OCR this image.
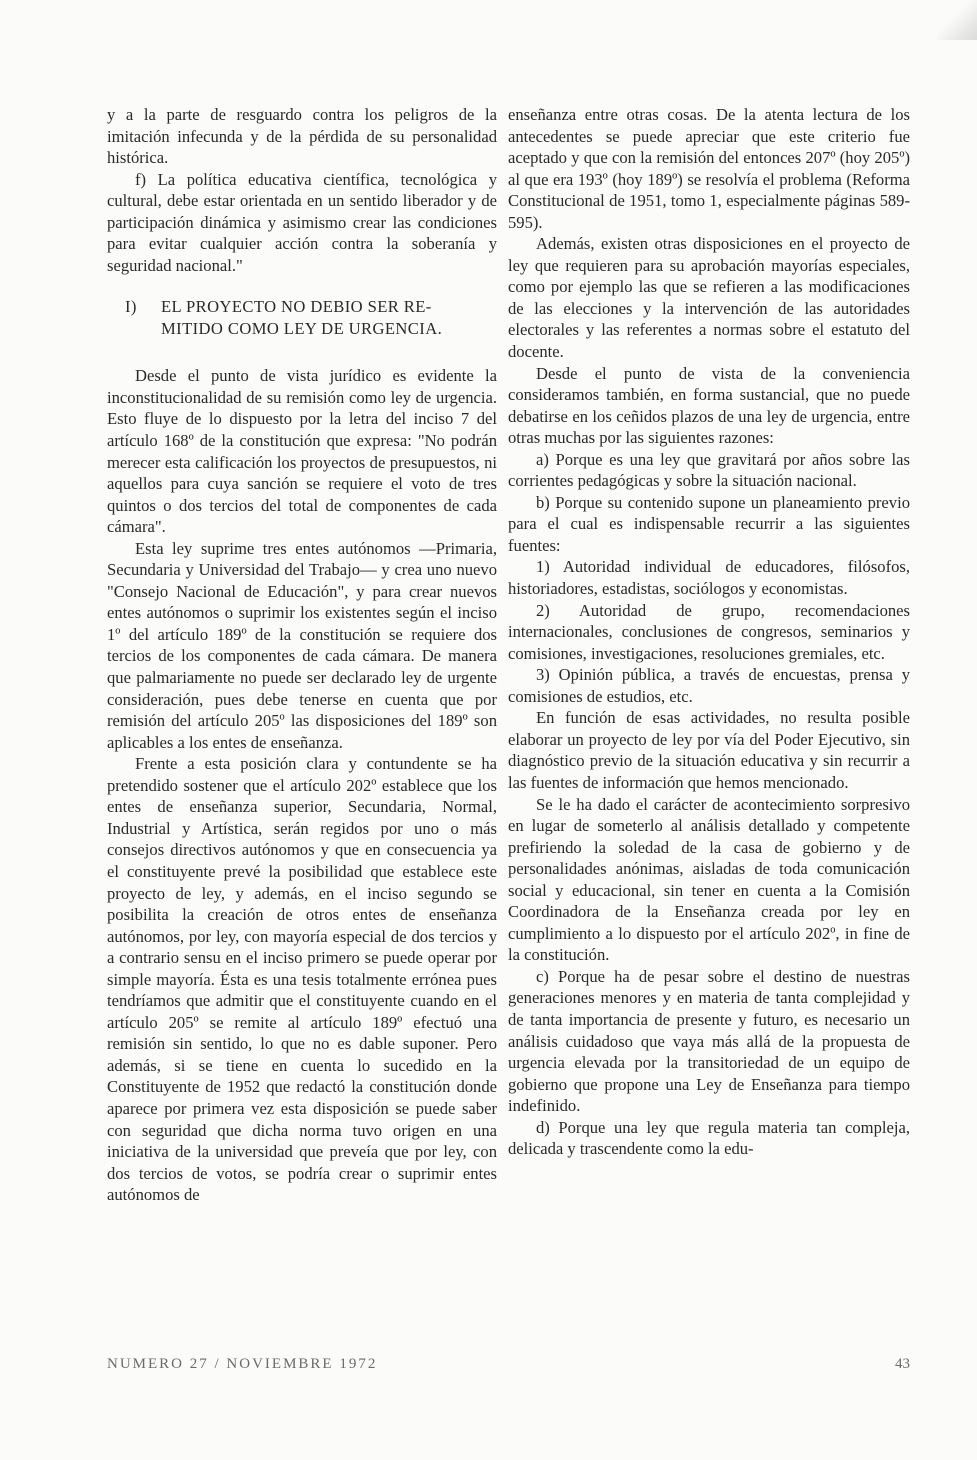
y a la parte de resguardo contra los peligros de la imitación infecunda y de la pérdida de su personalidad histórica.

f) La política educativa científica, tecnológica y cultural, debe estar orientada en un sentido liberador y de participación dinámica y asimismo crear las condiciones para evitar cualquier acción contra la soberanía y seguridad nacional."

I) EL PROYECTO NO DEBIO SER RE-
MITIDO COMO LEY DE URGENCIA.

Desde el punto de vista jurídico es evidente la inconstitucionalidad de su remisión como ley de urgencia. Esto fluye de lo dispuesto por la letra del inciso 7 del artículo 168º de la constitución que expresa: "No podrán merecer esta calificación los proyectos de presupuestos, ni aquellos para cuya sanción se requiere el voto de tres quintos o dos tercios del total de componentes de cada cámara".

Esta ley suprime tres entes autónomos —Primaria, Secundaria y Universidad del Trabajo— y crea uno nuevo "Consejo Nacional de Educación", y para crear nuevos entes autónomos o suprimir los existentes según el inciso 1º del artículo 189º de la constitución se requiere dos tercios de los componentes de cada cámara. De manera que palmariamente no puede ser declarado ley de urgente consideración, pues debe tenerse en cuenta que por remisión del artículo 205º las disposiciones del 189º son aplicables a los entes de enseñanza.

Frente a esta posición clara y contundente se ha pretendido sostener que el artículo 202º establece que los entes de enseñanza superior, Secundaria, Normal, Industrial y Artística, serán regidos por uno o más consejos directivos autónomos y que en consecuencia ya el constituyente prevé la posibilidad que establece este proyecto de ley, y además, en el inciso segundo se posibilita la creación de otros entes de enseñanza autónomos, por ley, con mayoría especial de dos tercios y a contrario sensu en el inciso primero se puede operar por simple mayoría. Ésta es una tesis totalmente errónea pues tendríamos que admitir que el constituyente cuando en el artículo 205º se remite al artículo 189º efectuó una remisión sin sentido, lo que no es dable suponer. Pero además, si se tiene en cuenta lo sucedido en la Constituyente de 1952 que redactó la constitución donde aparece por primera vez esta disposición se puede saber con seguridad que dicha norma tuvo origen en una iniciativa de la universidad que preveía que por ley, con dos tercios de votos, se podría crear o suprimir entes autónomos de

enseñanza entre otras cosas. De la atenta lectura de los antecedentes se puede apreciar que este criterio fue aceptado y que con la remisión del entonces 207º (hoy 205º) al que era 193º (hoy 189º) se resolvía el problema (Reforma Constitucional de 1951, tomo 1, especialmente páginas 589-595).

Además, existen otras disposiciones en el proyecto de ley que requieren para su aprobación mayorías especiales, como por ejemplo las que se refieren a las modificaciones de las elecciones y la intervención de las autoridades electorales y las referentes a normas sobre el estatuto del docente.

Desde el punto de vista de la conveniencia consideramos también, en forma sustancial, que no puede debatirse en los ceñidos plazos de una ley de urgencia, entre otras muchas por las siguientes razones:

a) Porque es una ley que gravitará por años sobre las corrientes pedagógicas y sobre la situación nacional.

b) Porque su contenido supone un planeamiento previo para el cual es indispensable recurrir a las siguientes fuentes:

1) Autoridad individual de educadores, filósofos, historiadores, estadistas, sociólogos y economistas.

2) Autoridad de grupo, recomendaciones internacionales, conclusiones de congresos, seminarios y comisiones, investigaciones, resoluciones gremiales, etc.

3) Opinión pública, a través de encuestas, prensa y comisiones de estudios, etc.

En función de esas actividades, no resulta posible elaborar un proyecto de ley por vía del Poder Ejecutivo, sin diagnóstico previo de la situación educativa y sin recurrir a las fuentes de información que hemos mencionado.

Se le ha dado el carácter de acontecimiento sorpresivo en lugar de someterlo al análisis detallado y competente prefiriendo la soledad de la casa de gobierno y de personalidades anónimas, aisladas de toda comunicación social y educacional, sin tener en cuenta a la Comisión Coordinadora de la Enseñanza creada por ley en cumplimiento a lo dispuesto por el artículo 202º, in fine de la constitución.

c) Porque ha de pesar sobre el destino de nuestras generaciones menores y en materia de tanta complejidad y de tanta importancia de presente y futuro, es necesario un análisis cuidadoso que vaya más allá de la propuesta de urgencia elevada por la transitoriedad de un equipo de gobierno que propone una Ley de Enseñanza para tiempo indefinido.

d) Porque una ley que regula materia tan compleja, delicada y trascendente como la edu-

NUMERO 27 / NOVIEMBRE 1972	43
